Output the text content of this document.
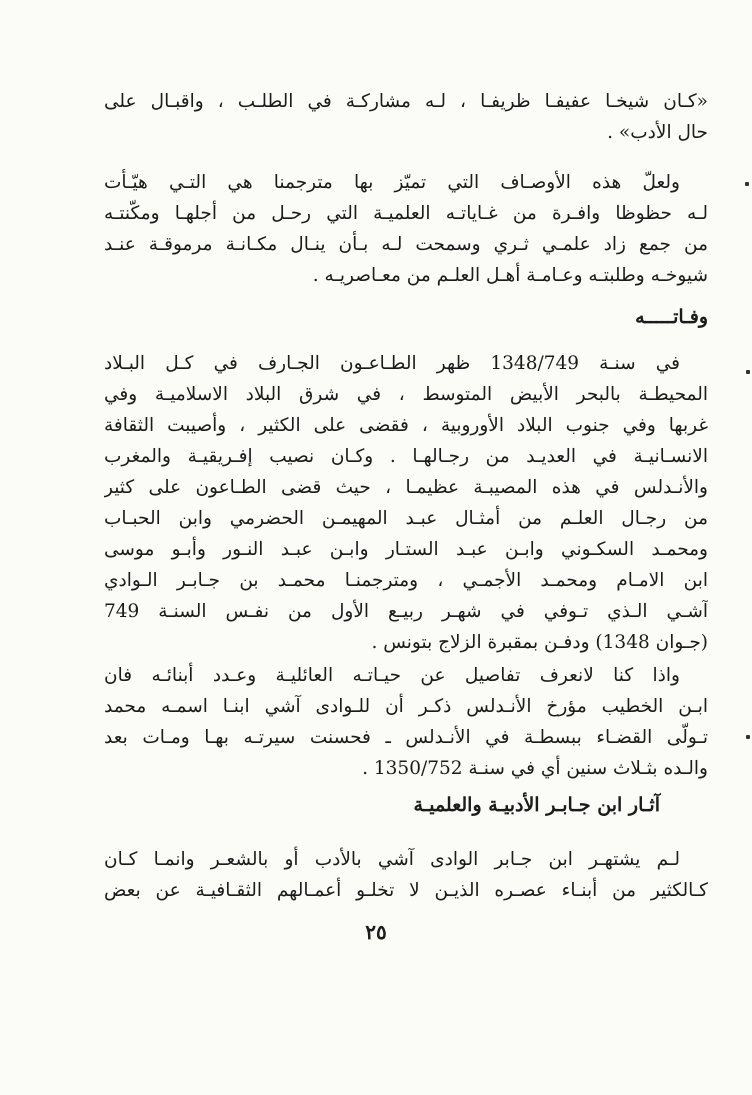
«كـان شيخـا عفيفـا ظريفـا ، لـه مشاركـة في الطلـب ، واقبـال على
حال الأدب» .
ولعلّ هذه الأوصـاف التي تميّز بها مترجمنا هي التـي هيّـأت
لـه حظوظا وافـرة من غـاياتـه العلميـة التي رحـل من أجلهـا ومكّنتـه
من جمع زاد علمـي ثـري وسمحت لـه بـأن ينـال مكـانـة مرموقـة عنـد
شيوخـه وطلبتـه وعـامـة أهـل العلـم من معـاصريـه .
وفـاتـــــه
في سنـة 1348/749 ظهر الطـاعـون الجـارف في كـل البـلاد
المحيطـة بالبحر الأبيض المتوسط ، في شرق البلاد الاسلاميـة وفي
غربها وفي جنوب البلاد الأوروبية ، فقضى على الكثير ، وأصيبت الثقافة
الانسـانيـة في العديـد من رجـالهـا . وكـان نصيب إفـريقيـة والمغرب
والأنـدلس في هذه المصيبـة عظيمـا ، حيث قضى الطـاعون على كثير
من رجـال العلـم من أمثـال عبـد المهيمـن الحضرمي وابن الحبـاب
ومحمـد السكـوني وابـن عبـد الستـار وابـن عبـد النـور وأبـو موسى
ابن الامـام ومحمـد الأجمـي ، ومترجمنـا محمـد بن جـابـر الـوادي
آشـي الـذي تـوفي في شهـر ربيـع الأول من نفـس السنـة 749
(جـوان 1348) ودفـن بمقبرة الزلاج بتونس .
واذا كنا لانعرف تفاصيل عن حيـاتـه العائليـة وعـدد أبنائـه فان
ابـن الخطيب مؤرخ الأنـدلس ذكـر أن للـوادى آشي ابنـا اسمـه محمد
تـولّى القضـاء ببسطـة في الأنـدلس ـ فحسنت سيرتـه بهـا ومـات بعد
والـده بثـلاث سنين أي في سنـة 1350/752 .
آثـار ابن جـابـر الأدبيـة والعلميـة
لـم يشتهـر ابن جـابر الوادى آشي بالأدب أو بالشعـر وانمـا كـان
كـالكثير من أبنـاء عصـره الذيـن لا تخلـو أعمـالهم الثقـافيـة عن بعض
٢٥
